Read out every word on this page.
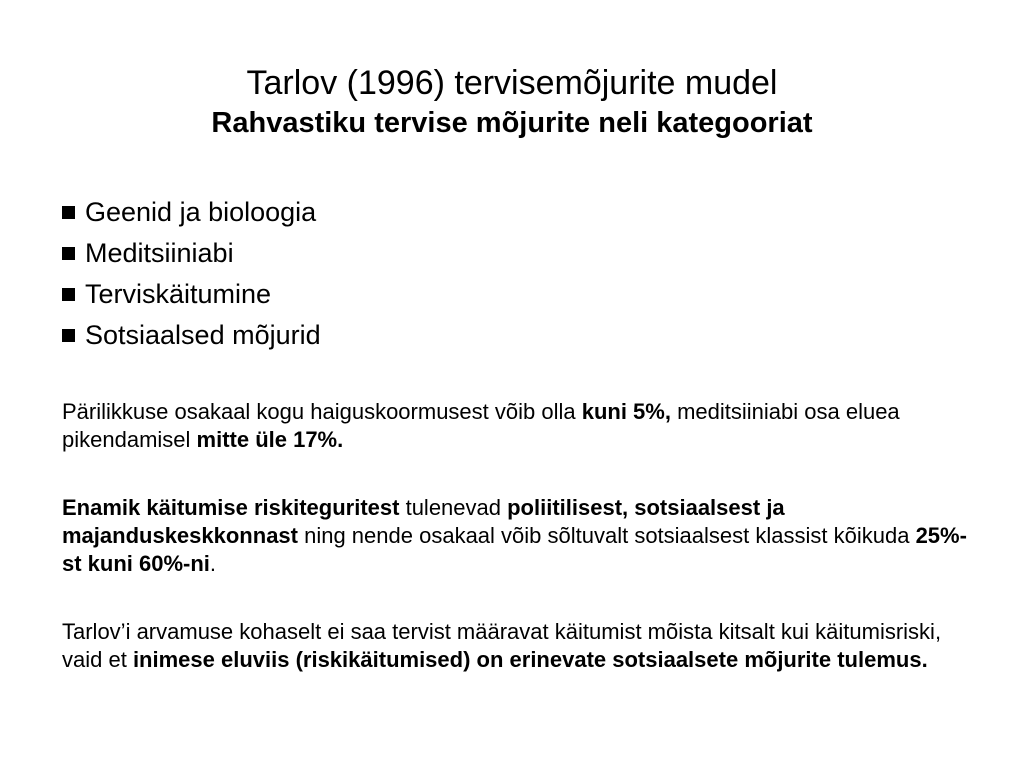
Tarlov (1996) tervisemõjurite mudel

Rahvastiku tervise mõjurite neli kategooriat

Geenid ja bioloogia
Meditsiiniabi
Terviskäitumine
Sotsiaalsed mõjurid

Pärilikkuse osakaal kogu haiguskoormusest võib olla kuni 5%, meditsiiniabi osa eluea pikendamisel mitte üle 17%.

Enamik käitumise riskiteguritest tulenevad poliitilisest, sotsiaalsest ja majanduskeskkonnast ning nende osakaal võib sõltuvalt sotsiaalsest klassist kõikuda 25%-st kuni 60%-ni.

Tarlov’i arvamuse kohaselt ei saa tervist määravat käitumist mõista kitsalt kui käitumisriski, vaid et inimese eluviis (riskikäitumised) on erinevate sotsiaalsete mõjurite tulemus.
